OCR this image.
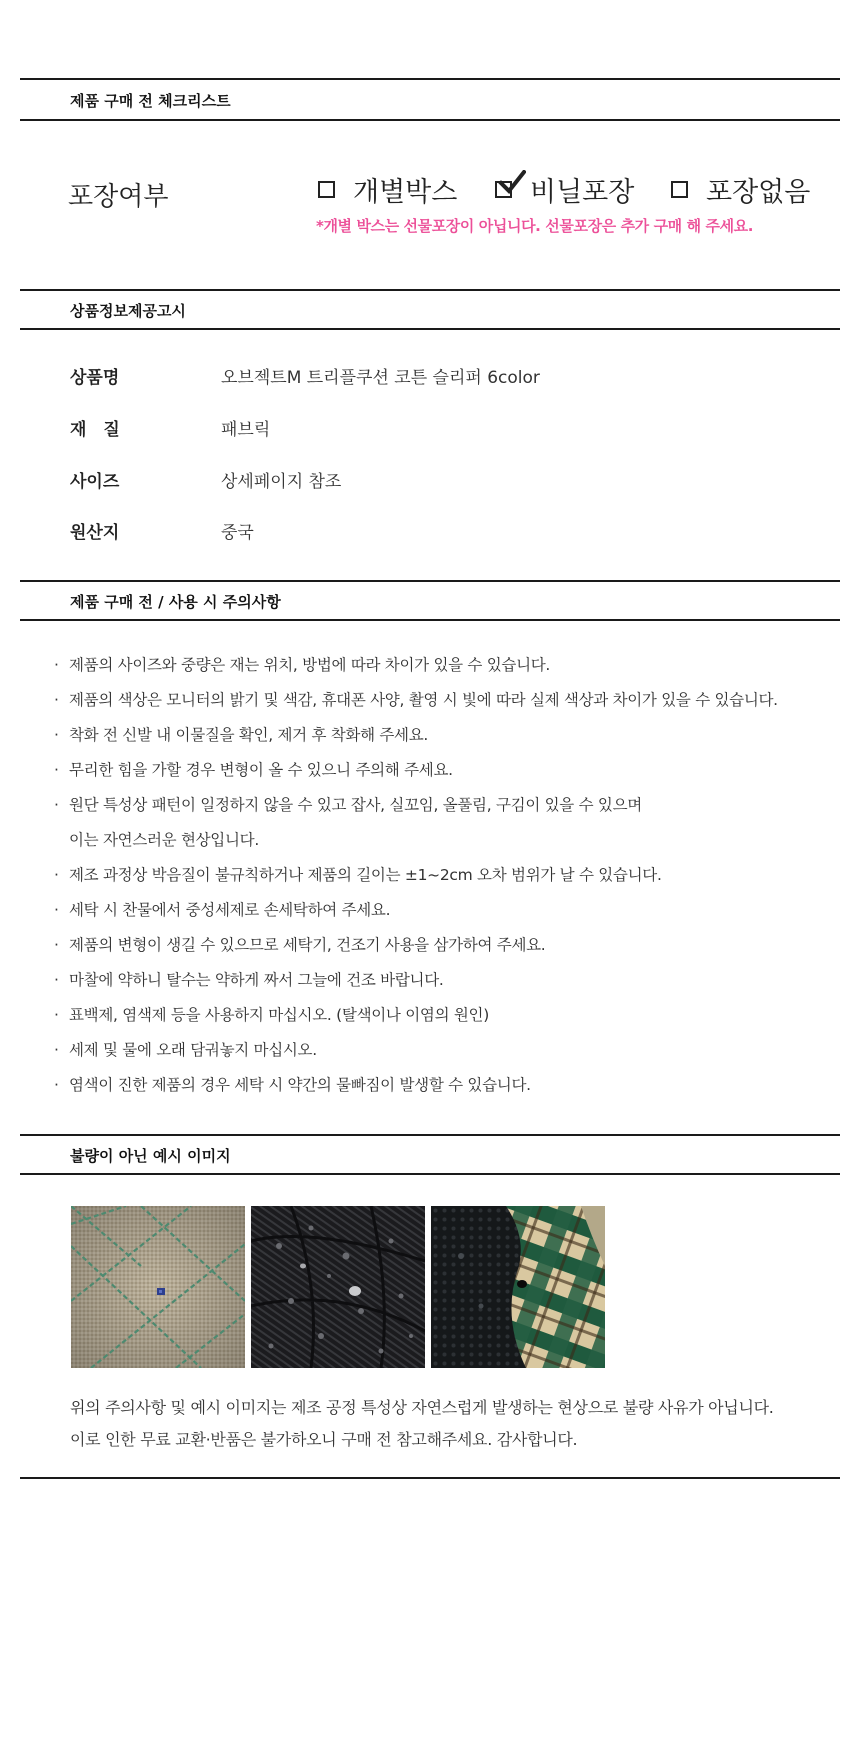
제품 구매 전 체크리스트
포장여부	개별박스	비닐포장	포장없음
*개별 박스는 선물포장이 아닙니다. 선물포장은 추가 구매 해 주세요.
상품정보제공고시
상품명	오브젝트M 트리플쿠션 코튼 슬리퍼 6color
재　질	패브릭
사이즈	상세페이지 참조
원산지	중국
제품 구매 전 / 사용 시 주의사항
· 제품의 사이즈와 중량은 재는 위치, 방법에 따라 차이가 있을 수 있습니다.
· 제품의 색상은 모니터의 밝기 및 색감, 휴대폰 사양, 촬영 시 빛에 따라 실제 색상과 차이가 있을 수 있습니다.
· 착화 전 신발 내 이물질을 확인, 제거 후 착화해 주세요.
· 무리한 힘을 가할 경우 변형이 올 수 있으니 주의해 주세요.
· 원단 특성상 패턴이 일정하지 않을 수 있고 잡사, 실꼬임, 올풀림, 구김이 있을 수 있으며
이는 자연스러운 현상입니다.
· 제조 과정상 박음질이 불규칙하거나 제품의 길이는 ±1~2cm 오차 범위가 날 수 있습니다.
· 세탁 시 찬물에서 중성세제로 손세탁하여 주세요.
· 제품의 변형이 생길 수 있으므로 세탁기, 건조기 사용을 삼가하여 주세요.
· 마찰에 약하니 탈수는 약하게 짜서 그늘에 건조 바랍니다.
· 표백제, 염색제 등을 사용하지 마십시오. (탈색이나 이염의 원인)
· 세제 및 물에 오래 담궈놓지 마십시오.
· 염색이 진한 제품의 경우 세탁 시 약간의 물빠짐이 발생할 수 있습니다.
불량이 아닌 예시 이미지
위의 주의사항 및 예시 이미지는 제조 공정 특성상 자연스럽게 발생하는 현상으로 불량 사유가 아닙니다.
이로 인한 무료 교환·반품은 불가하오니 구매 전 참고해주세요. 감사합니다.
